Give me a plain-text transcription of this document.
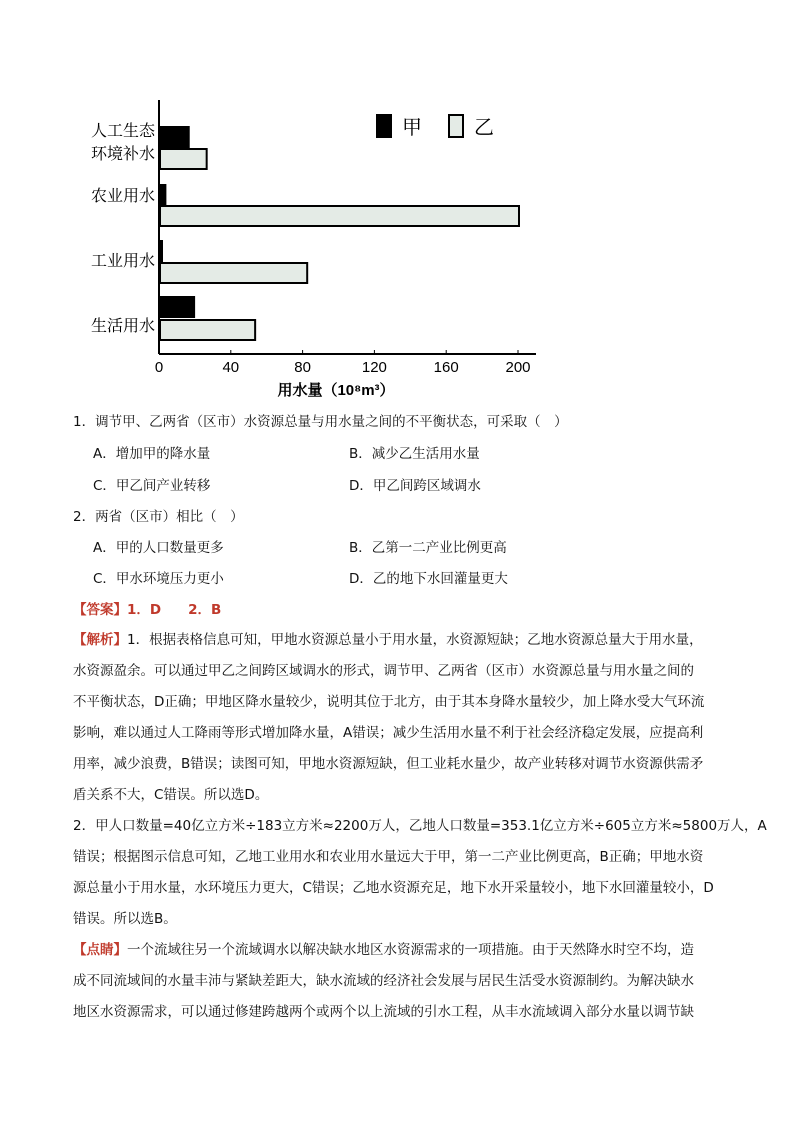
人工生态
环境补水
农业用水
工业用水
生活用水
0	40	80	120	160	200
用水量（10⁸m³）
甲	乙
1．调节甲、乙两省（区市）水资源总量与用水量之间的不平衡状态，可采取（　）
A．增加甲的降水量	B．减少乙生活用水量
C．甲乙间产业转移	D．甲乙间跨区域调水
2．两省（区市）相比（　）
A．甲的人口数量更多	B．乙第一二产业比例更高
C．甲水环境压力更小	D．乙的地下水回灌量更大
【答案】1．D　　2．B
【解析】1．根据表格信息可知，甲地水资源总量小于用水量，水资源短缺；乙地水资源总量大于用水量，
水资源盈余。可以通过甲乙之间跨区域调水的形式，调节甲、乙两省（区市）水资源总量与用水量之间的
不平衡状态，D正确；甲地区降水量较少，说明其位于北方，由于其本身降水量较少，加上降水受大气环流
影响，难以通过人工降雨等形式增加降水量，A错误；减少生活用水量不利于社会经济稳定发展，应提高利
用率，减少浪费，B错误；读图可知，甲地水资源短缺，但工业耗水量少，故产业转移对调节水资源供需矛
盾关系不大，C错误。所以选D。
2．甲人口数量=40亿立方米÷183立方米≈2200万人，乙地人口数量=353.1亿立方米÷605立方米≈5800万人，A
错误；根据图示信息可知，乙地工业用水和农业用水量远大于甲，第一二产业比例更高，B正确；甲地水资
源总量小于用水量，水环境压力更大，C错误；乙地水资源充足，地下水开采量较小，地下水回灌量较小，D
错误。所以选B。
【点睛】一个流域往另一个流域调水以解决缺水地区水资源需求的一项措施。由于天然降水时空不均，造
成不同流域间的水量丰沛与紧缺差距大，缺水流域的经济社会发展与居民生活受水资源制约。为解决缺水
地区水资源需求，可以通过修建跨越两个或两个以上流域的引水工程，从丰水流域调入部分水量以调节缺
